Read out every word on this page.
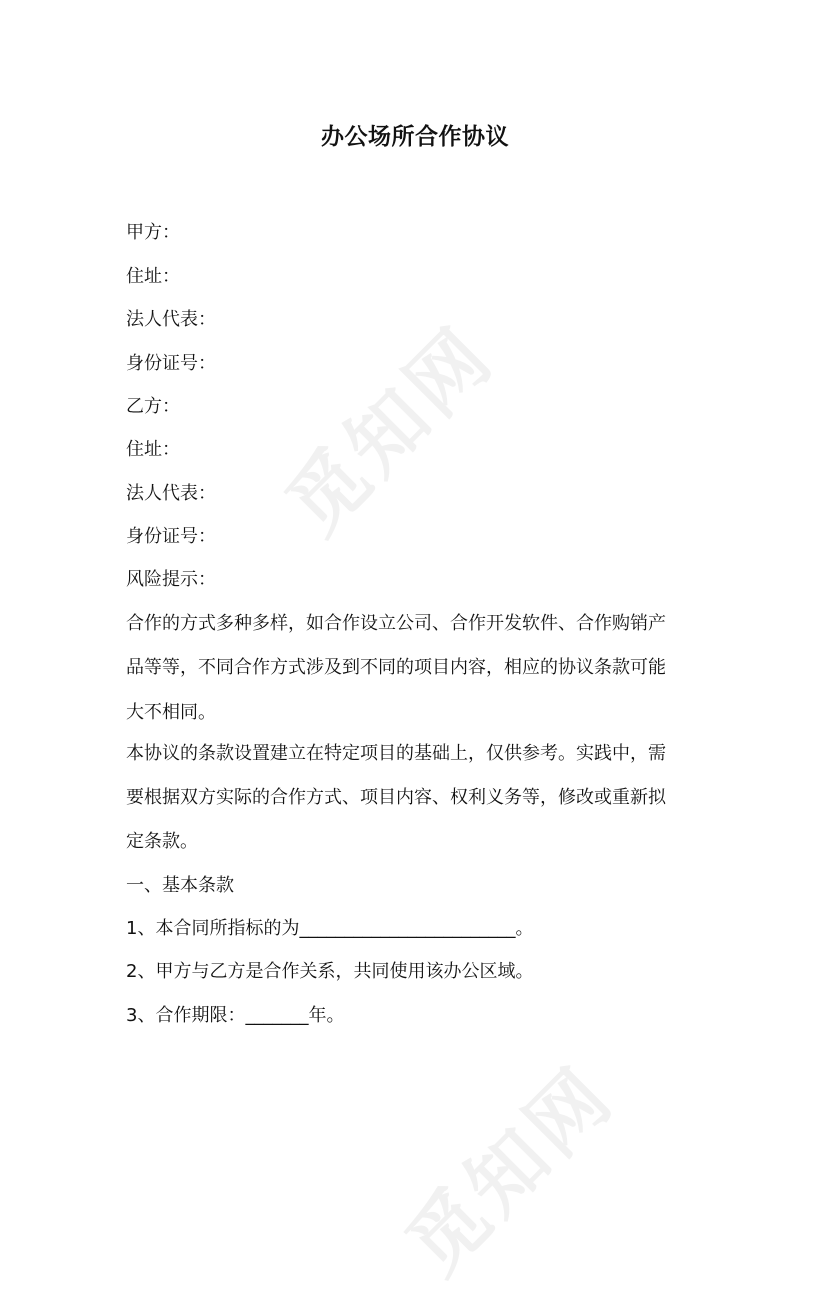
觅知网
觅知网
办公场所合作协议
甲方：
住址：
法人代表：
身份证号：
乙方：
住址：
法人代表：
身份证号：
风险提示：
合作的方式多种多样，如合作设立公司、合作开发软件、合作购销产
品等等，不同合作方式涉及到不同的项目内容，相应的协议条款可能
大不相同。
本协议的条款设置建立在特定项目的基础上，仅供参考。实践中，需
要根据双方实际的合作方式、项目内容、权利义务等，修改或重新拟
定条款。
一、基本条款
1、本合同所指标的为________________________。
2、甲方与乙方是合作关系，共同使用该办公区域。
3、合作期限：_______年。
